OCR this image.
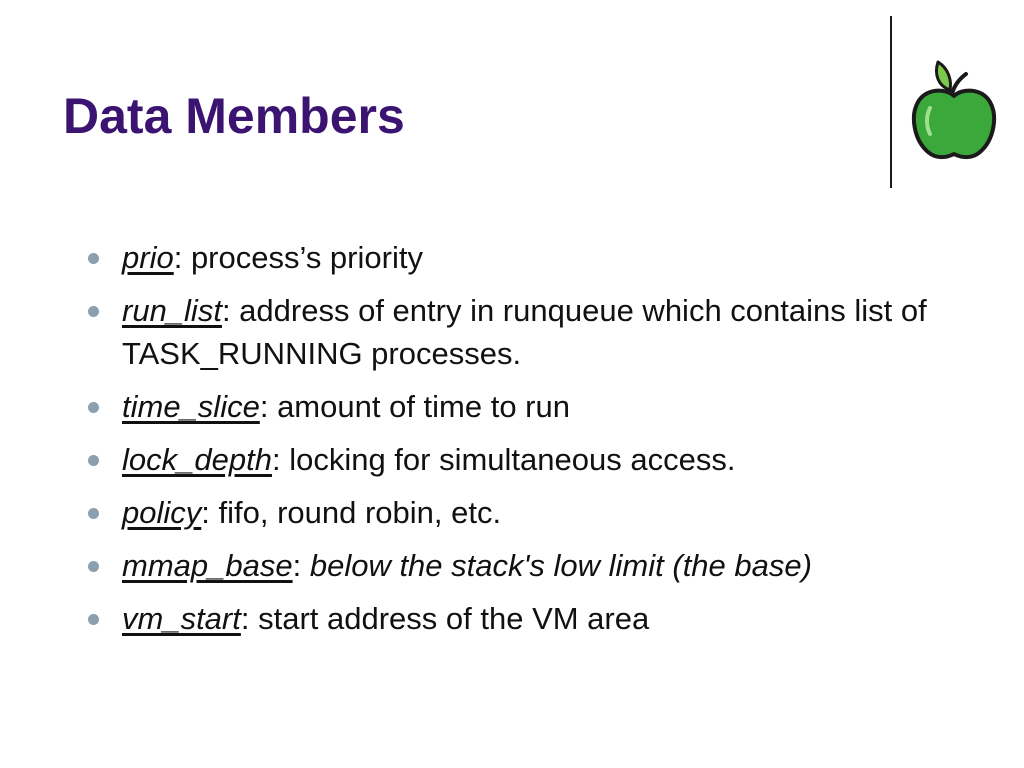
Data Members
prio: process’s priority
run_list: address of entry in runqueue which contains list of TASK_RUNNING processes.
time_slice: amount of time to run
lock_depth: locking for simultaneous access.
policy: fifo, round robin, etc.
mmap_base: below the stack's low limit (the base)
vm_start: start address of the VM area
